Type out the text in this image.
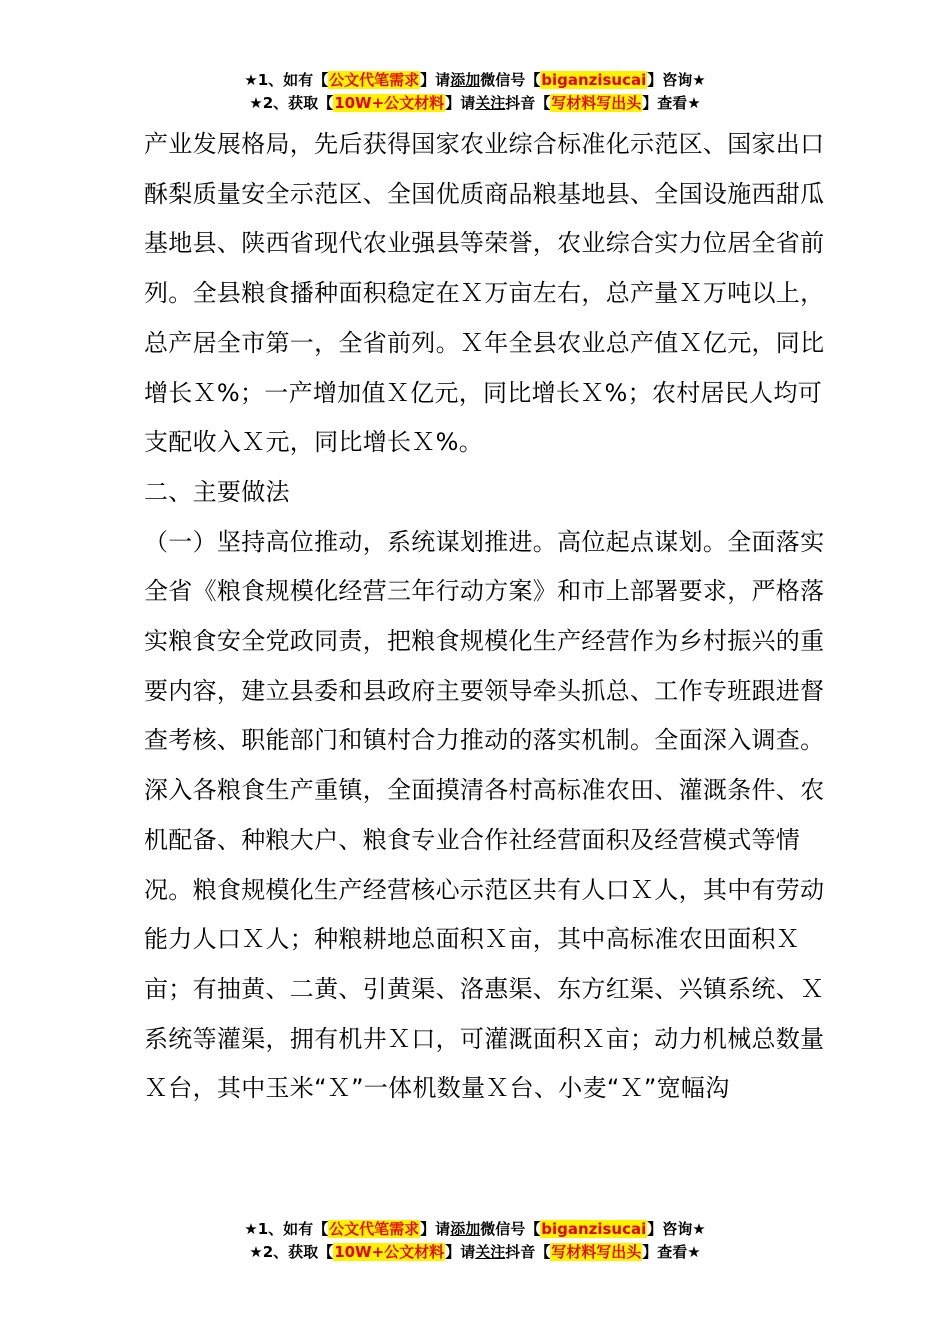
★1、如有【公文代笔需求】请添加微信号【biganzisucai】咨询★
★2、获取【10W+公文材料】请关注抖音【写材料写出头】查看★

产业发展格局，先后获得国家农业综合标准化示范区、国家出口酥梨质量安全示范区、全国优质商品粮基地县、全国设施西甜瓜基地县、陕西省现代农业强县等荣誉，农业综合实力位居全省前列。全县粮食播种面积稳定在Ｘ万亩左右，总产量Ｘ万吨以上，总产居全市第一，全省前列。Ｘ年全县农业总产值Ｘ亿元，同比增长Ｘ%；一产增加值Ｘ亿元，同比增长Ｘ%；农村居民人均可支配收入Ｘ元，同比增长Ｘ%。

二、主要做法

（一）坚持高位推动，系统谋划推进。高位起点谋划。全面落实全省《粮食规模化经营三年行动方案》和市上部署要求，严格落实粮食安全党政同责，把粮食规模化生产经营作为乡村振兴的重要内容，建立县委和县政府主要领导牵头抓总、工作专班跟进督查考核、职能部门和镇村合力推动的落实机制。全面深入调查。深入各粮食生产重镇，全面摸清各村高标准农田、灌溉条件、农机配备、种粮大户、粮食专业合作社经营面积及经营模式等情况。粮食规模化生产经营核心示范区共有人口Ｘ人，其中有劳动能力人口Ｘ人；种粮耕地总面积Ｘ亩，其中高标准农田面积Ｘ亩；有抽黄、二黄、引黄渠、洛惠渠、东方红渠、兴镇系统、Ｘ系统等灌渠，拥有机井Ｘ口，可灌溉面积Ｘ亩；动力机械总数量Ｘ台，其中玉米“Ｘ”一体机数量Ｘ台、小麦“Ｘ”宽幅沟

★1、如有【公文代笔需求】请添加微信号【biganzisucai】咨询★
★2、获取【10W+公文材料】请关注抖音【写材料写出头】查看★
